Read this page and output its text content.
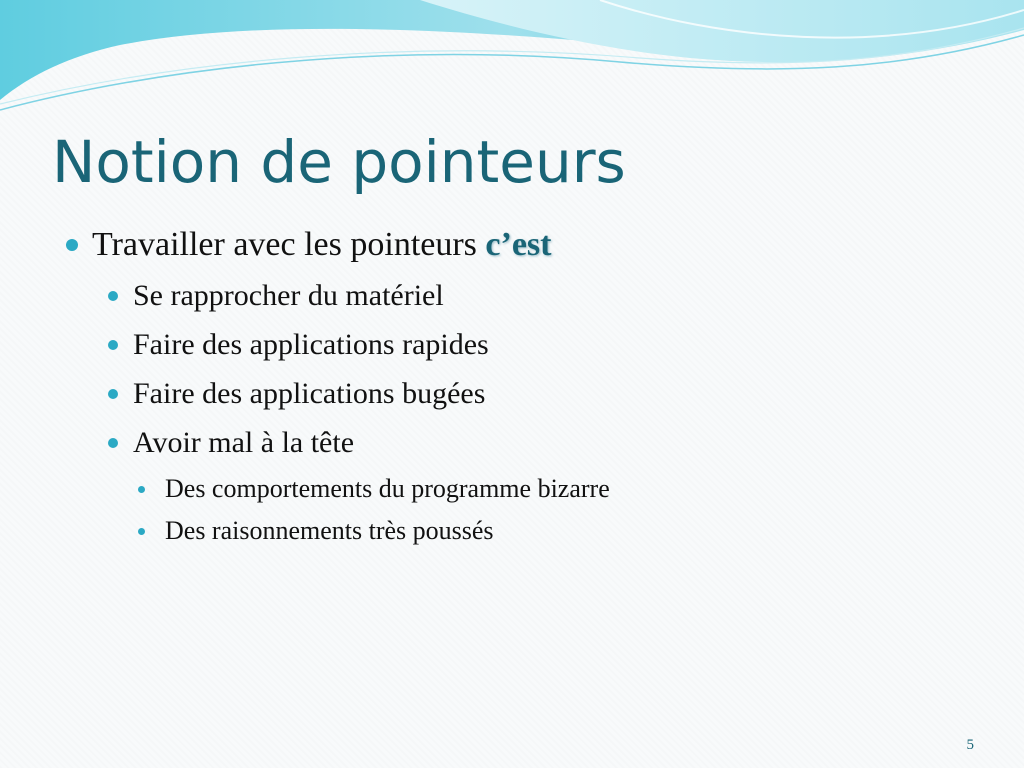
Notion de pointeurs
Travailler avec les pointeurs c’est
Se rapprocher du matériel
Faire des applications rapides
Faire des applications bugées
Avoir mal à la tête
Des comportements du programme bizarre
Des raisonnements très poussés
5
